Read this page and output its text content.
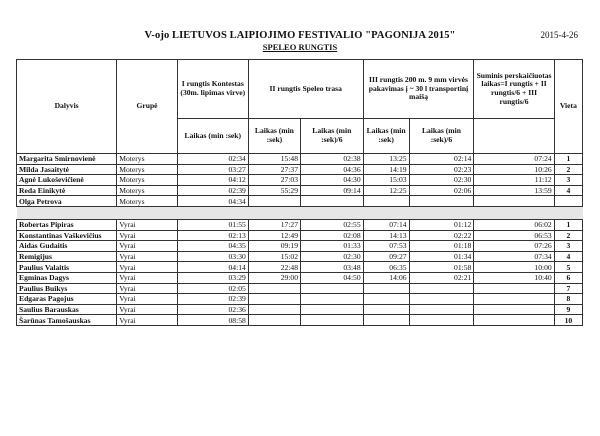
V-ojo LIETUVOS LAIPIOJIMO FESTIVALIO "PAGONIJA 2015"	2015-4-26
SPELEO RUNGTIS
Dalyvis	Grupė	I rungtis Kontestas (30m. lipimas virve)	II rungtis Speleo trasa		III rungtis 200 m. 9 mm virvės pakavimas į ~ 30 l transportinį maišą		Suminis perskaičiuotas laikas=I rungtis + II rungtis/6 + III rungtis/6	Vieta
		Laikas (min :sek)	Laikas (min :sek)	Laikas (min :sek)/6	Laikas (min :sek)	Laikas (min :sek)/6		
Margarita Smirnovienė	Moterys	02:34	15:48	02:38	13:25	02:14	07:24	1
Milda Jasaitytė	Moterys	03:27	27:37	04:36	14:19	02:23	10:26	2
Agnė Lukoševičienė	Moterys	04:12	27:03	04:30	15:03	02:30	11:12	3
Reda Einikytė	Moterys	02:39	55:29	09:14	12:25	02:06	13:59	4
Olga Petrova	Moterys	04:34						

Robertas Pipiras	Vyrai	01:55	17:27	02:55	07:14	01:12	06:02	1
Konstantinas Vaškevičius	Vyrai	02:13	12:49	02:08	14:13	02:22	06:53	2
Aidas Gudaitis	Vyrai	04:35	09:19	01:33	07:53	01:18	07:26	3
Remigijus	Vyrai	03:30	15:02	02:30	09:27	01:34	07:34	4
Paulius Valaitis	Vyrai	04:14	22:48	03:48	06:35	01:58	10:00	5
Egminas Dagys	Vyrai	03:29	29:00	04:50	14:06	02:21	10:40	6
Paulius Buikys	Vyrai	02:05						7
Edgaras Pagojus	Vyrai	02:39						8
Saulius Barauskas	Vyrai	02:36						9
Šarūnas Tamošauskas	Vyrai	08:58						10
